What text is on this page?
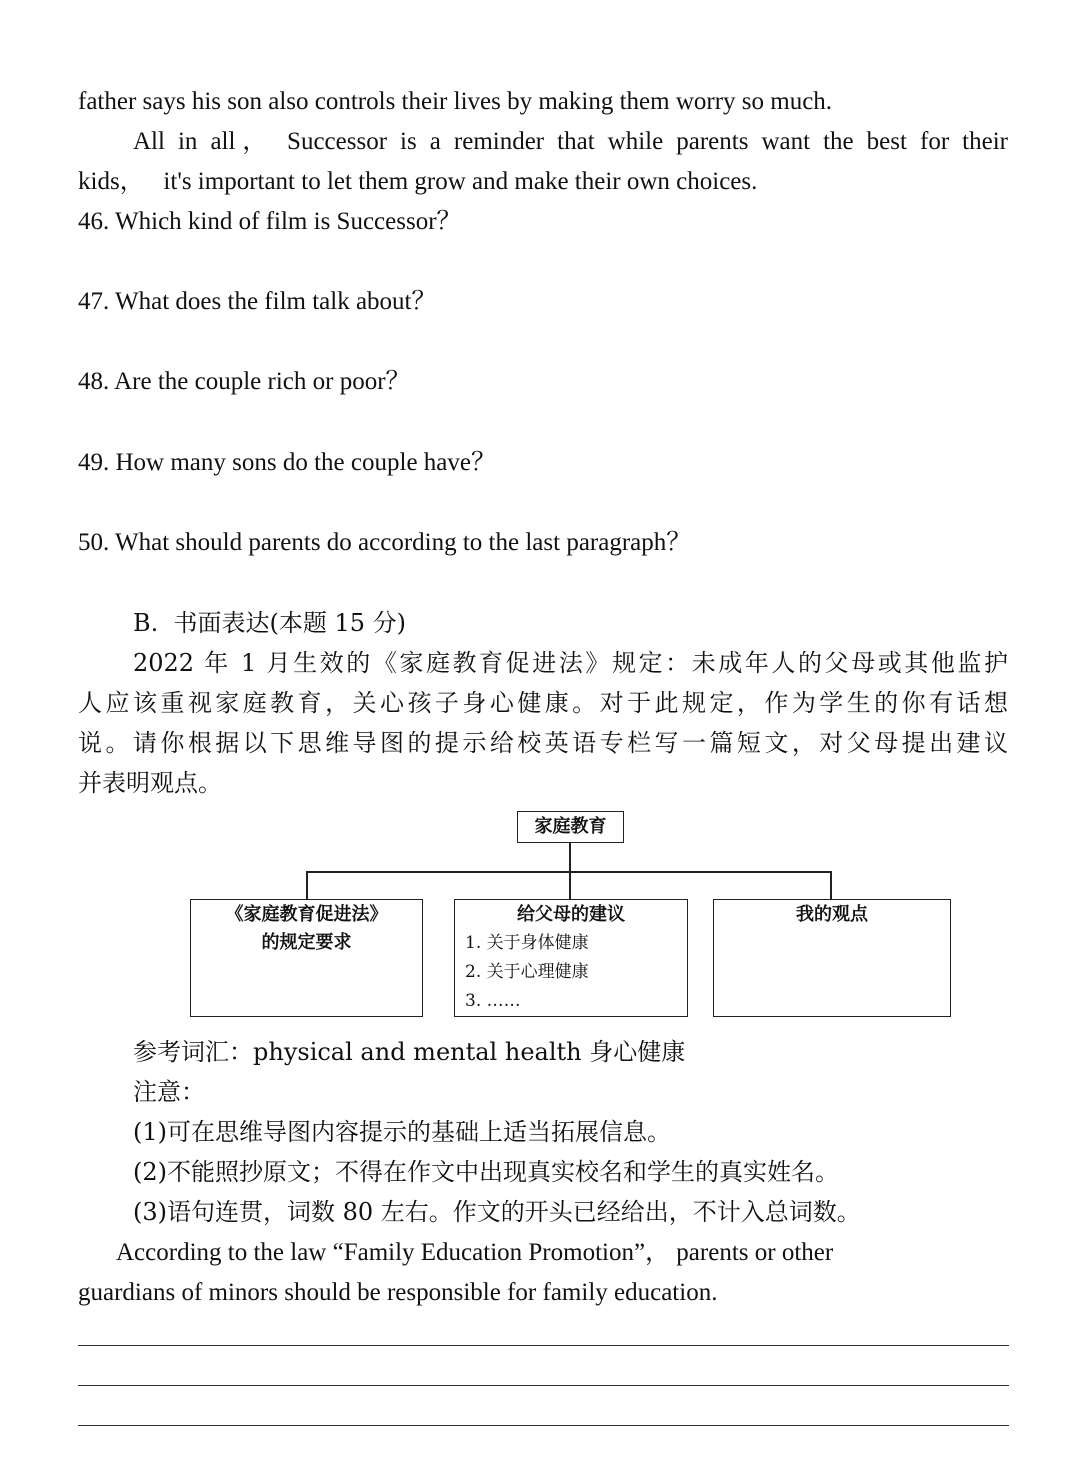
father says his son also controls their lives by making them worry so much.
All in all， Successor is a reminder that while parents want the best for their
kids，   it's important to let them grow and make their own choices.
46. Which kind of film is Successor？
47. What does the film talk about？
48. Are the couple rich or poor？
49. How many sons do the couple have？
50. What should parents do according to the last paragraph？
B.  书面表达(本题 15 分)
2022 年 1 月生效的《家庭教育促进法》规定：未成年人的父母或其他监护
人应该重视家庭教育，关心孩子身心健康。对于此规定，作为学生的你有话想
说。请你根据以下思维导图的提示给校英语专栏写一篇短文，对父母提出建议
并表明观点。
家庭教育
《家庭教育促进法》
的规定要求
给父母的建议
1. 关于身体健康
2. 关于心理健康
3. ……
我的观点
参考词汇：physical and mental health 身心健康
注意：
(1)可在思维导图内容提示的基础上适当拓展信息。
(2)不能照抄原文；不得在作文中出现真实校名和学生的真实姓名。
(3)语句连贯，词数 80 左右。作文的开头已经给出，不计入总词数。
According to the law “Family Education Promotion”， parents or other
guardians of minors should be responsible for family education.
